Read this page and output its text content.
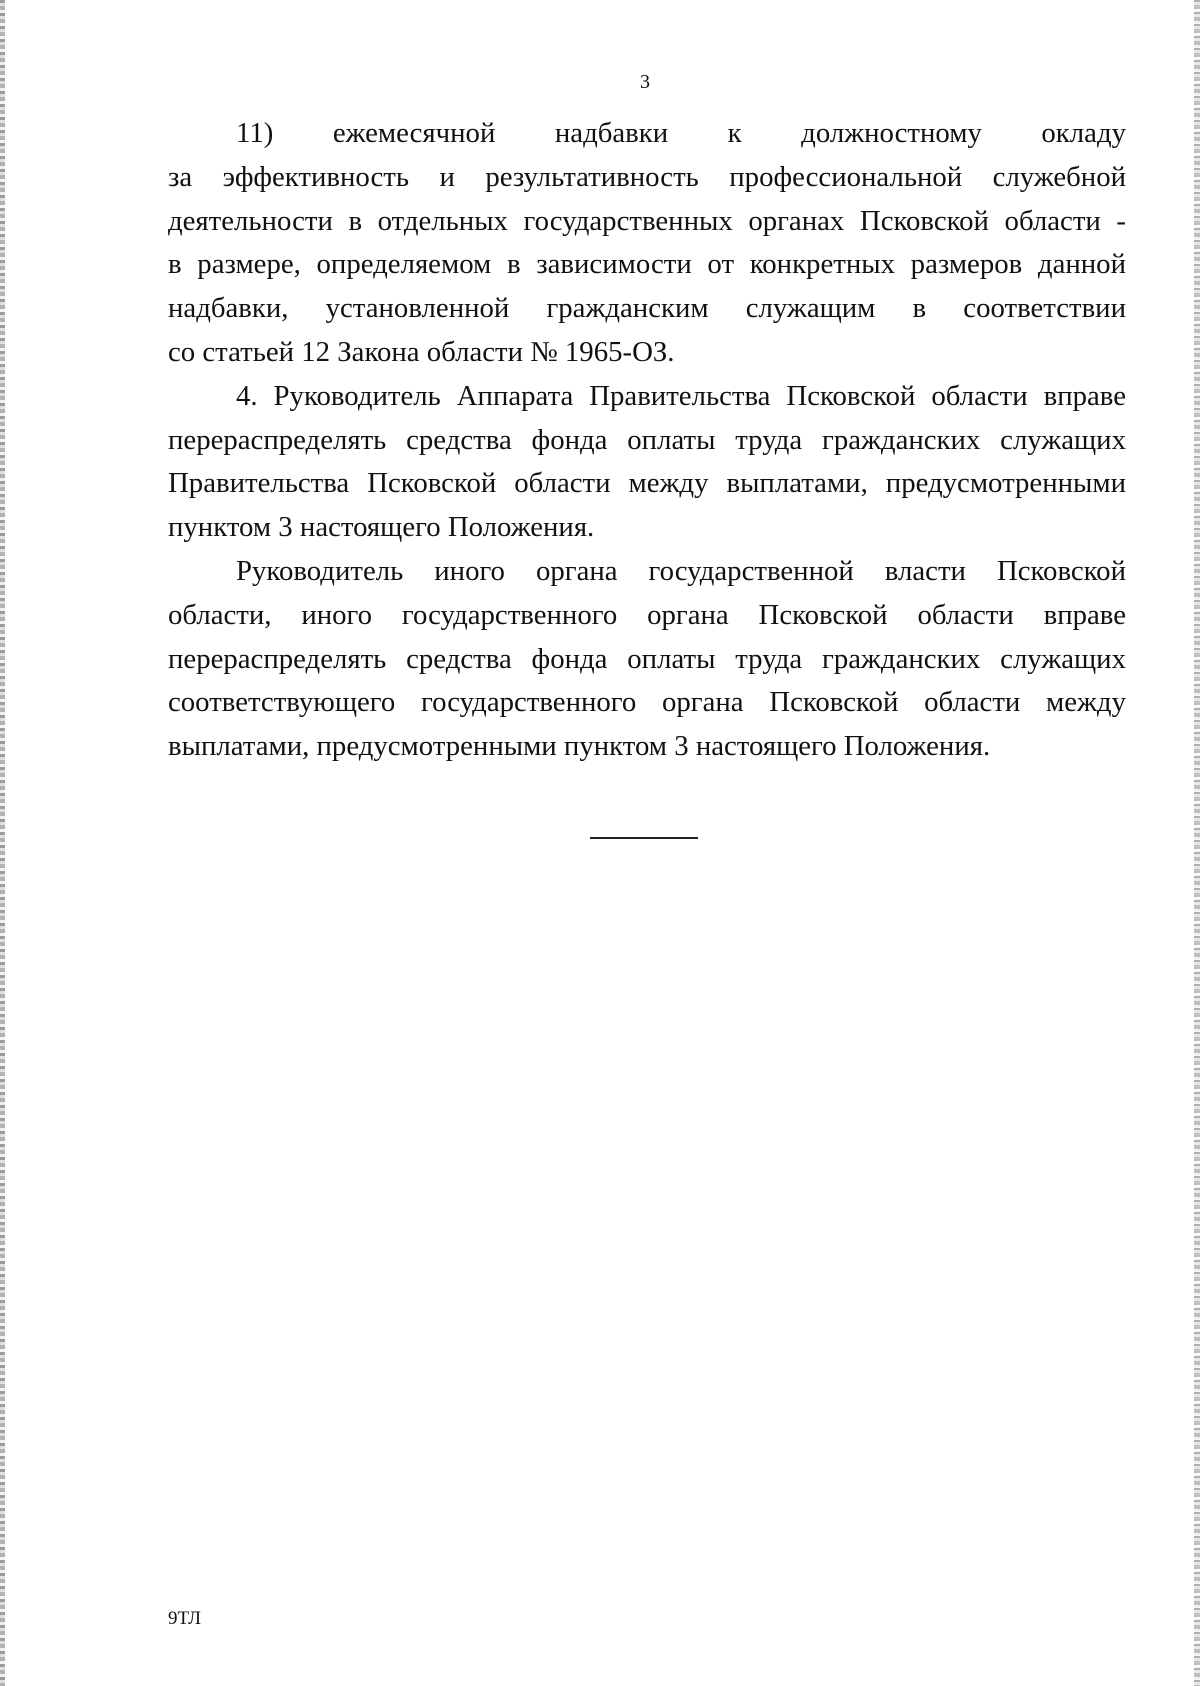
3

11) ежемесячной надбавки к должностному окладу
за эффективность и результативность профессиональной служебной
деятельности в отдельных государственных органах Псковской области -
в размере, определяемом в зависимости от конкретных размеров данной
надбавки, установленной гражданским служащим в соответствии
со статьей 12 Закона области № 1965-ОЗ.

4. Руководитель Аппарата Правительства Псковской области вправе
перераспределять средства фонда оплаты труда гражданских служащих
Правительства Псковской области между выплатами, предусмотренными
пунктом 3 настоящего Положения.

Руководитель иного органа государственной власти Псковской
области, иного государственного органа Псковской области вправе
перераспределять средства фонда оплаты труда гражданских служащих
соответствующего государственного органа Псковской области между
выплатами, предусмотренными пунктом 3 настоящего Положения.

9ТЛ
